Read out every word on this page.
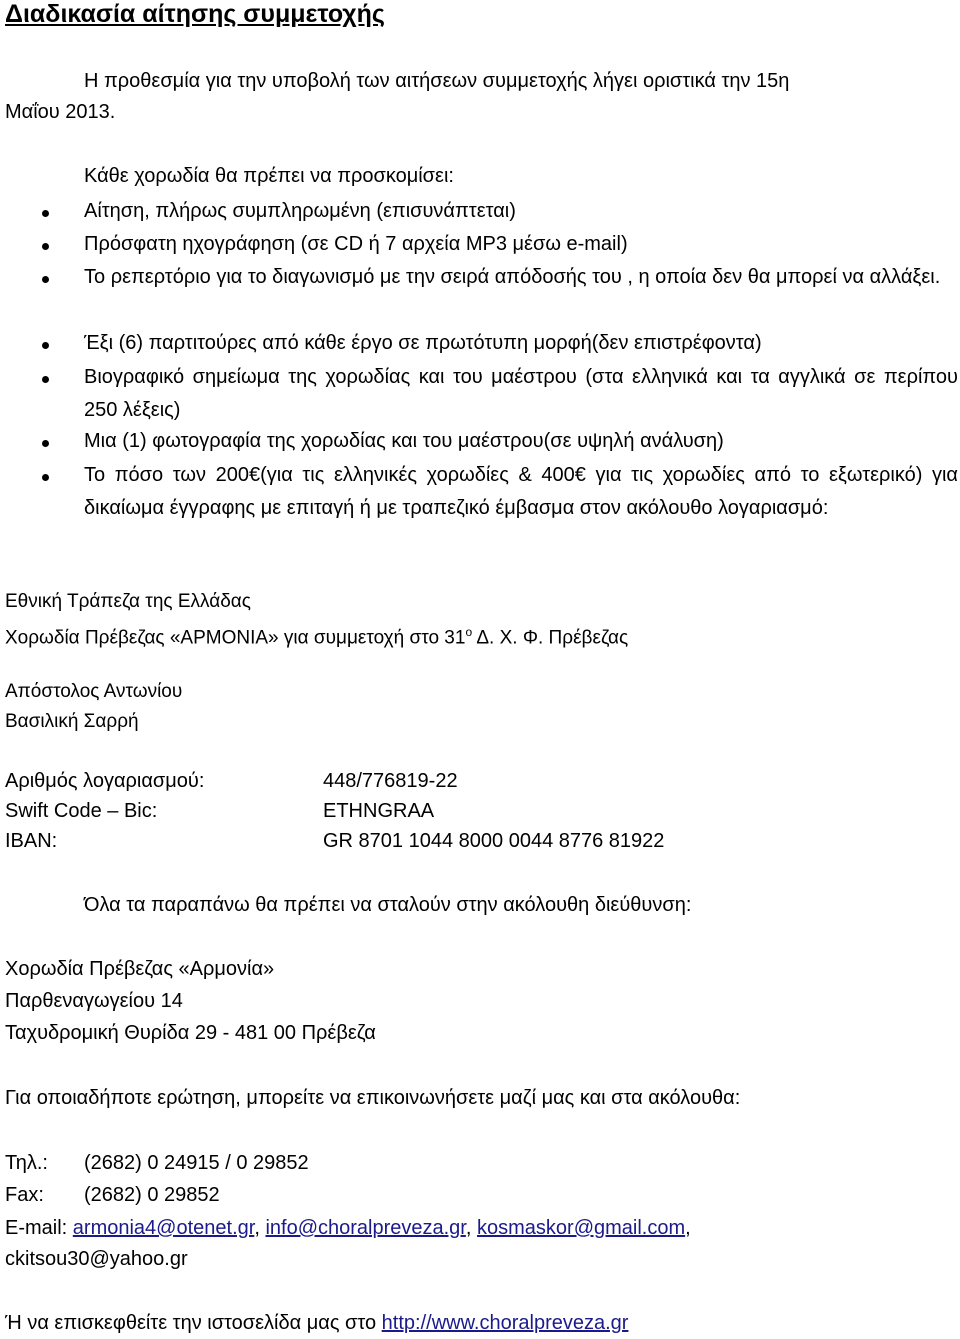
Διαδικασία αίτησης συμμετοχής
Η προθεσμία για την υποβολή των αιτήσεων συμμετοχής λήγει οριστικά την 15η
Μαΐου 2013.
Κάθε χορωδία θα πρέπει να προσκομίσει:
Αίτηση, πλήρως συμπληρωμένη (επισυνάπτεται)
Πρόσφατη ηχογράφηση (σε CD ή 7 αρχεία MP3 μέσω e-mail)
Το ρεπερτόριο για το διαγωνισμό με την σειρά απόδοσής του , η οποία δεν θα μπορεί να αλλάξει.
Έξι (6) παρτιτούρες από κάθε έργο σε πρωτότυπη μορφή(δεν επιστρέφοντα)
Βιογραφικό σημείωμα της χορωδίας και του μαέστρου (στα ελληνικά και τα αγγλικά σε περίπου 250 λέξεις)
Μια (1) φωτογραφία της χορωδίας και του μαέστρου(σε υψηλή ανάλυση)
Το πόσο των 200€(για τις ελληνικές χορωδίες & 400€ για τις χορωδίες από το εξωτερικό) για δικαίωμα έγγραφης με επιταγή ή με τραπεζικό έμβασμα στον ακόλουθο λογαριασμό:
Εθνική Τράπεζα της Ελλάδας
Χορωδία Πρέβεζας «ΑΡΜΟΝΙΑ» για συμμετοχή στο $31^o$ Δ. Χ. Φ. Πρέβεζας
Απόστολος Αντωνίου
Βασιλική Σαρρή
Αριθμός λογαριασμού:	448/776819-22
Swift Code – Bic:	ETHNGRAA
IBAN:	GR 8701 1044 8000 0044 8776 81922
Όλα τα παραπάνω θα πρέπει να σταλούν στην ακόλουθη διεύθυνση:
Χορωδία Πρέβεζας «Αρμονία»
Παρθεναγωγείου 14
Ταχυδρομική Θυρίδα 29 - 481 00 Πρέβεζα
Για οποιαδήποτε ερώτηση, μπορείτε να επικοινωνήσετε μαζί μας και στα ακόλουθα:
Τηλ.: (2682) 0 24915 / 0 29852
Fax: (2682) 0 29852
E-mail: armonia4@otenet.gr, info@choralpreveza.gr, kosmaskor@gmail.com,
ckitsou30@yahoo.gr
Ή να επισκεφθείτε την ιστοσελίδα μας στο http://www.choralpreveza.gr
